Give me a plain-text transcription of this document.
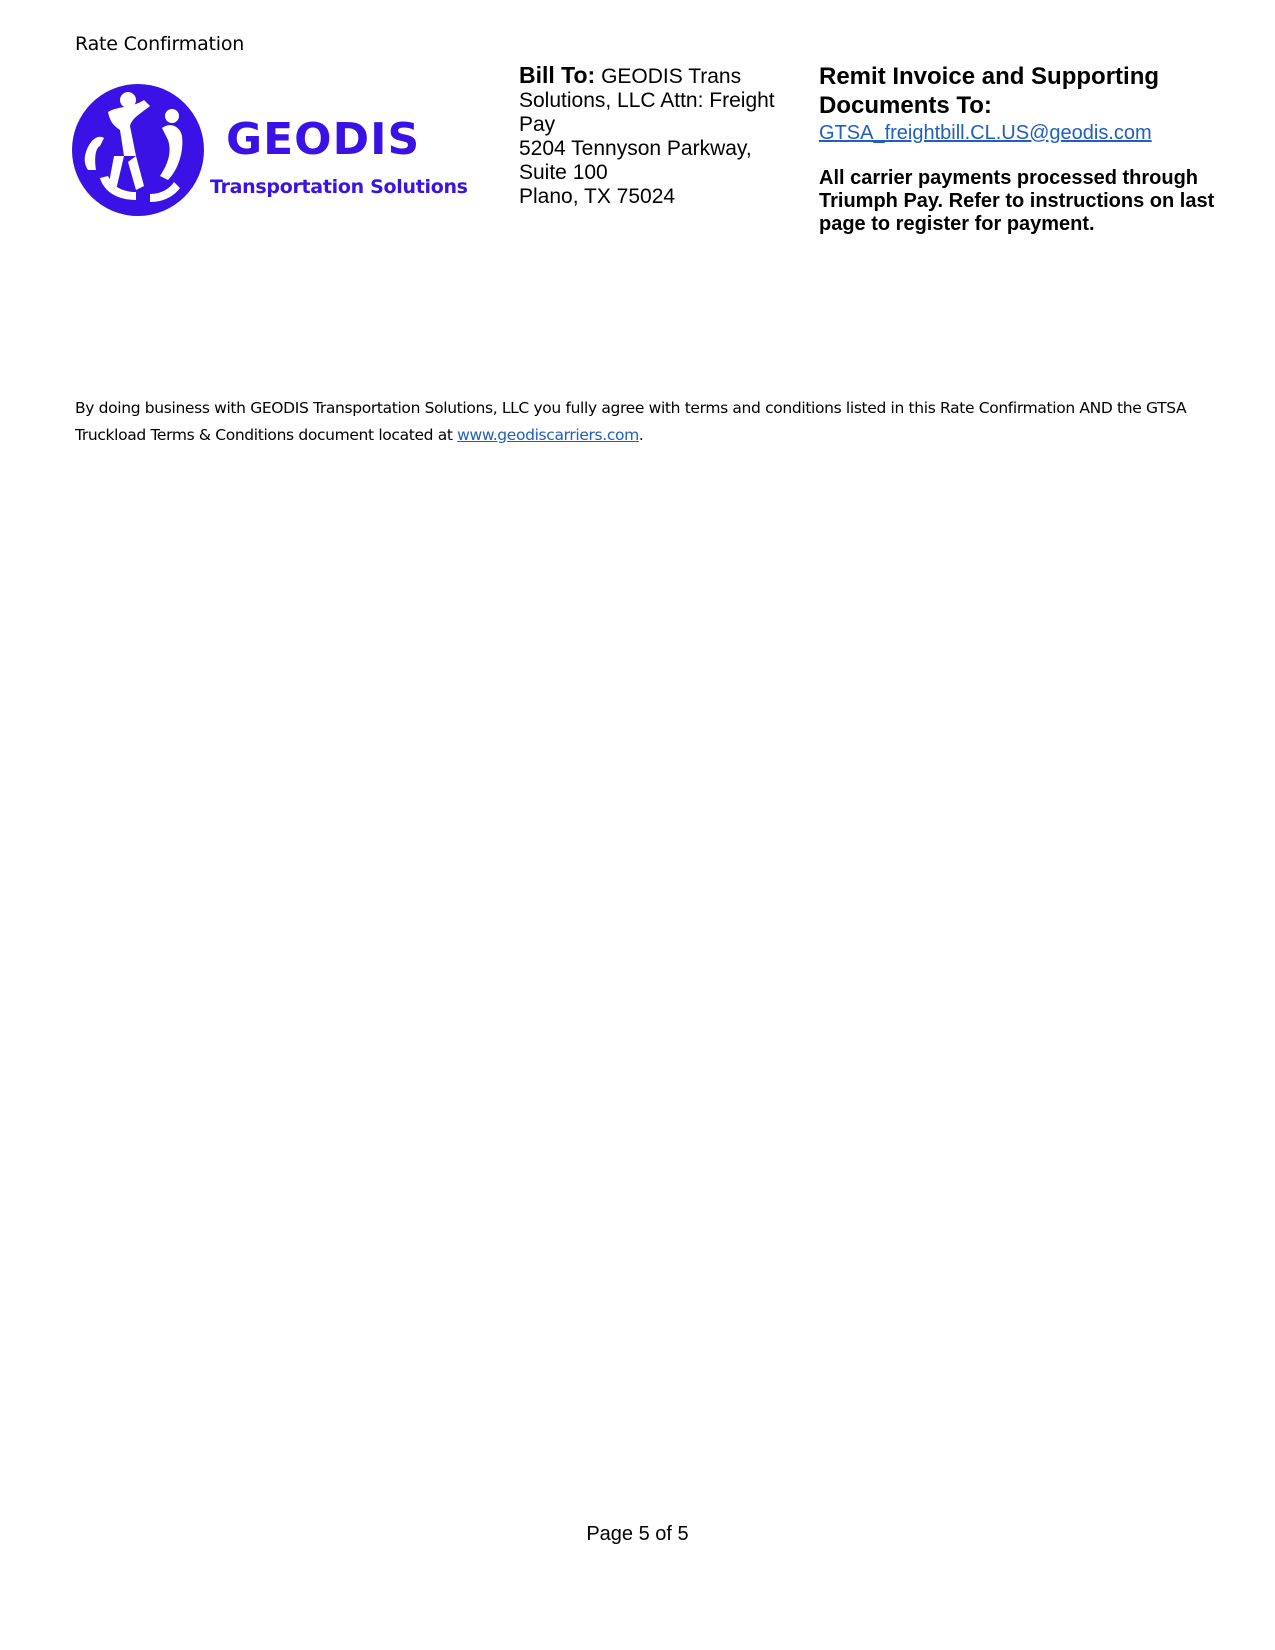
Rate Confirmation
GEODIS
Transportation Solutions
Bill To: GEODIS Trans Solutions, LLC Attn: Freight Pay
5204 Tennyson Parkway, Suite 100
Plano, TX 75024
Remit Invoice and Supporting Documents To:
GTSA_freightbill.CL.US@geodis.com
All carrier payments processed through Triumph Pay. Refer to instructions on last page to register for payment.
By doing business with GEODIS Transportation Solutions, LLC you fully agree with terms and conditions listed in this Rate Confirmation AND the GTSA Truckload Terms & Conditions document located at www.geodiscarriers.com.
Page 5 of 5
